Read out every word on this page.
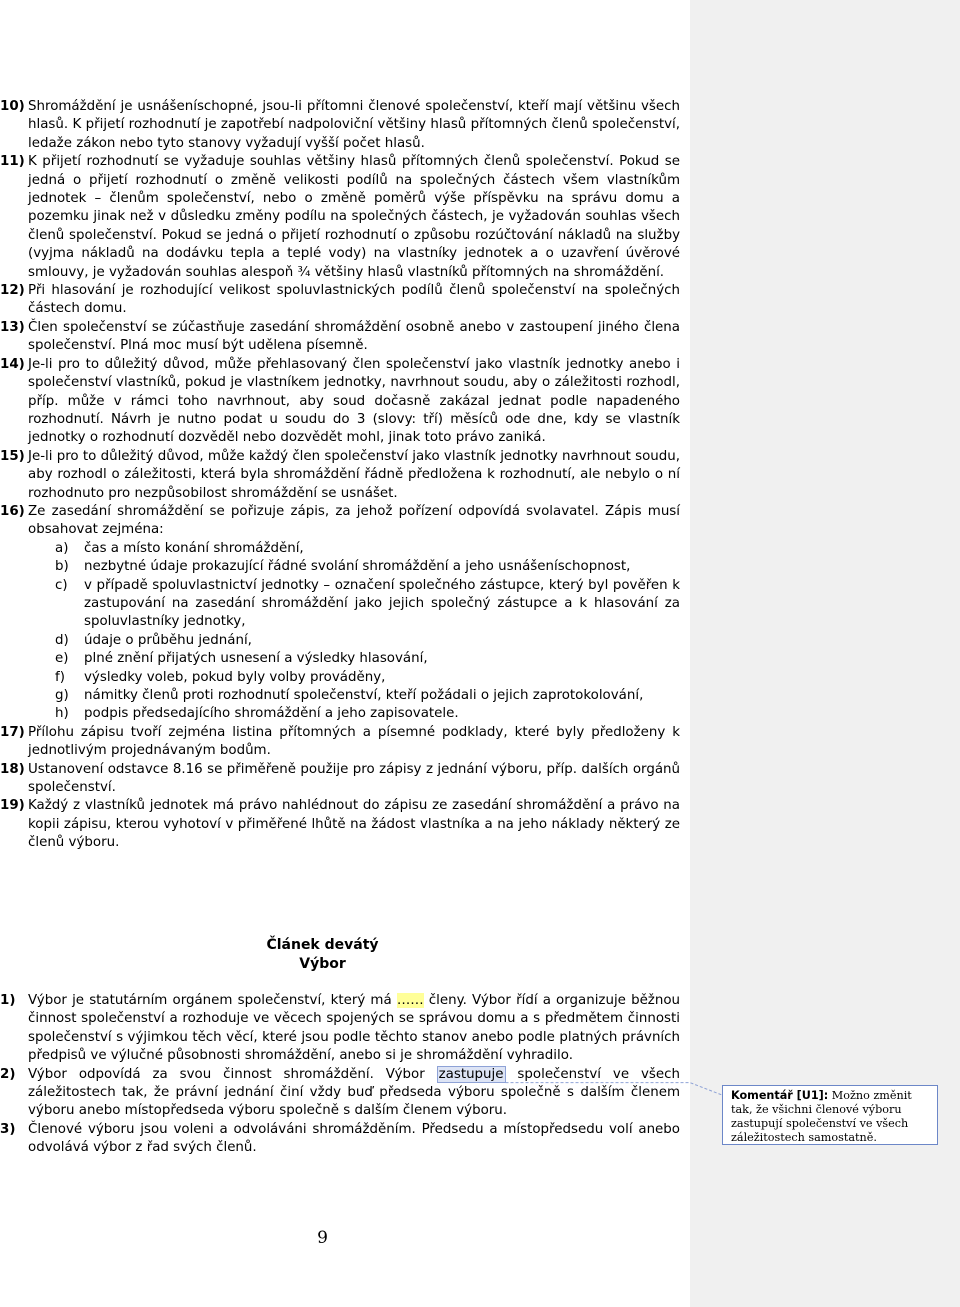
10) Shromáždění je usnášeníschopné, jsou-li přítomni členové společenství, kteří mají většinu všech hlasů. K přijetí rozhodnutí je zapotřebí nadpoloviční většiny hlasů přítomných členů společenství, ledaže zákon nebo tyto stanovy vyžadují vyšší počet hlasů.

11) K přijetí rozhodnutí se vyžaduje souhlas většiny hlasů přítomných členů společenství. Pokud se jedná o přijetí rozhodnutí o změně velikosti podílů na společných částech všem vlastníkům jednotek – členům společenství, nebo o změně poměrů výše příspěvku na správu domu a pozemku jinak než v důsledku změny podílu na společných částech, je vyžadován souhlas všech členů společenství. Pokud se jedná o přijetí rozhodnutí o způsobu rozúčtování nákladů na služby (vyjma nákladů na dodávku tepla a teplé vody) na vlastníky jednotek a o uzavření úvěrové smlouvy, je vyžadován souhlas alespoň ¾ většiny hlasů vlastníků přítomných na shromáždění.

12) Při hlasování je rozhodující velikost spoluvlastnických podílů členů společenství na společných částech domu.

13) Člen společenství se zúčastňuje zasedání shromáždění osobně anebo v zastoupení jiného člena společenství. Plná moc musí být udělena písemně.

14) Je-li pro to důležitý důvod, může přehlasovaný člen společenství jako vlastník jednotky anebo i společenství vlastníků, pokud je vlastníkem jednotky, navrhnout soudu, aby o záležitosti rozhodl, příp. může v rámci toho navrhnout, aby soud dočasně zakázal jednat podle napadeného rozhodnutí. Návrh je nutno podat u soudu do 3 (slovy: tří) měsíců ode dne, kdy se vlastník jednotky o rozhodnutí dozvěděl nebo dozvědět mohl, jinak toto právo zaniká.

15) Je-li pro to důležitý důvod, může každý člen společenství jako vlastník jednotky navrhnout soudu, aby rozhodl o záležitosti, která byla shromáždění řádně předložena k rozhodnutí, ale nebylo o ní rozhodnuto pro nezpůsobilost shromáždění se usnášet.

16) Ze zasedání shromáždění se pořizuje zápis, za jehož pořízení odpovídá svolavatel. Zápis musí obsahovat zejména:

a) čas a místo konání shromáždění,

b) nezbytné údaje prokazující řádné svolání shromáždění a jeho usnášeníschopnost,

c) v případě spoluvlastnictví jednotky – označení společného zástupce, který byl pověřen k zastupování na zasedání shromáždění jako jejich společný zástupce a k hlasování za spoluvlastníky jednotky,

d) údaje o průběhu jednání,

e) plné znění přijatých usnesení a výsledky hlasování,

f) výsledky voleb, pokud byly volby prováděny,

g) námitky členů proti rozhodnutí společenství, kteří požádali o jejich zaprotokolování,

h) podpis předsedajícího shromáždění a jeho zapisovatele.

17) Přílohu zápisu tvoří zejména listina přítomných a písemné podklady, které byly předloženy k jednotlivým projednávaným bodům.

18) Ustanovení odstavce 8.16 se přiměřeně použije pro zápisy z jednání výboru, příp. dalších orgánů společenství.

19) Každý z vlastníků jednotek má právo nahlédnout do zápisu ze zasedání shromáždění a právo na kopii zápisu, kterou vyhotoví v přiměřené lhůtě na žádost vlastníka a na jeho náklady některý ze členů výboru.

Článek devátý
Výbor

1) Výbor je statutárním orgánem společenství, který má …… členy. Výbor řídí a organizuje běžnou činnost společenství a rozhoduje ve věcech spojených se správou domu a s předmětem činnosti společenství s výjimkou těch věcí, které jsou podle těchto stanov anebo podle platných právních předpisů ve výlučné působnosti shromáždění, anebo si je shromáždění vyhradilo.

2) Výbor odpovídá za svou činnost shromáždění. Výbor zastupuje společenství ve všech záležitostech tak, že právní jednání činí vždy buď předseda výboru společně s dalším členem výboru anebo místopředseda výboru společně s dalším členem výboru.

3) Členové výboru jsou voleni a odvoláváni shromážděním. Předsedu a místopředsedu volí anebo odvolává výbor z řad svých členů.

9
Komentář [U1]: Možno změnit tak, že všichni členové výboru zastupují společenství ve všech záležitostech samostatně.
